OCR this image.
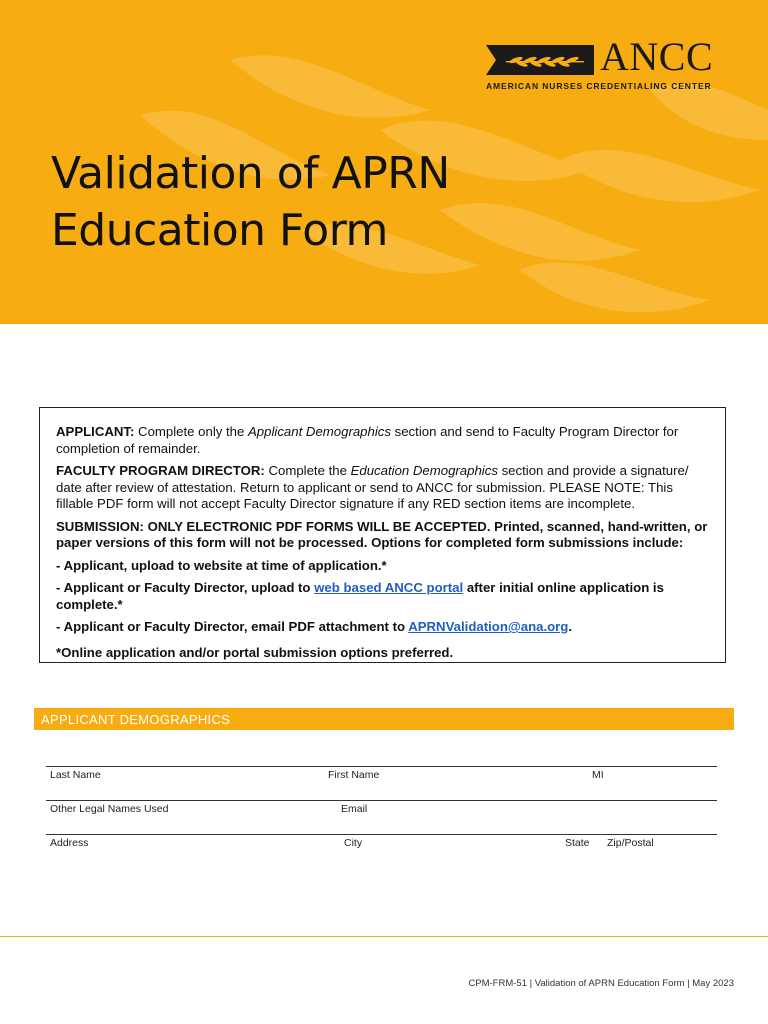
ANCC
AMERICAN NURSES CREDENTIALING CENTER
Validation of APRN
Education Form

APPLICANT: Complete only the Applicant Demographics section and send to Faculty Program Director for completion of remainder.

FACULTY PROGRAM DIRECTOR: Complete the Education Demographics section and provide a signature/ date after review of attestation. Return to applicant or send to ANCC for submission. PLEASE NOTE: This fillable PDF form will not accept Faculty Director signature if any RED section items are incomplete.

SUBMISSION: ONLY ELECTRONIC PDF FORMS WILL BE ACCEPTED. Printed, scanned, hand-written, or paper versions of this form will not be processed. Options for completed form submissions include:

- Applicant, upload to website at time of application.*

- Applicant or Faculty Director, upload to web based ANCC portal after initial online application is complete.*

- Applicant or Faculty Director, email PDF attachment to APRNValidation@ana.org.

*Online application and/or portal submission options preferred.

APPLICANT DEMOGRAPHICS
Last Name	First Name	MI
Other Legal Names Used	Email
Address	City	State Zip/Postal
CPM-FRM-51 | Validation of APRN Education Form | May 2023
